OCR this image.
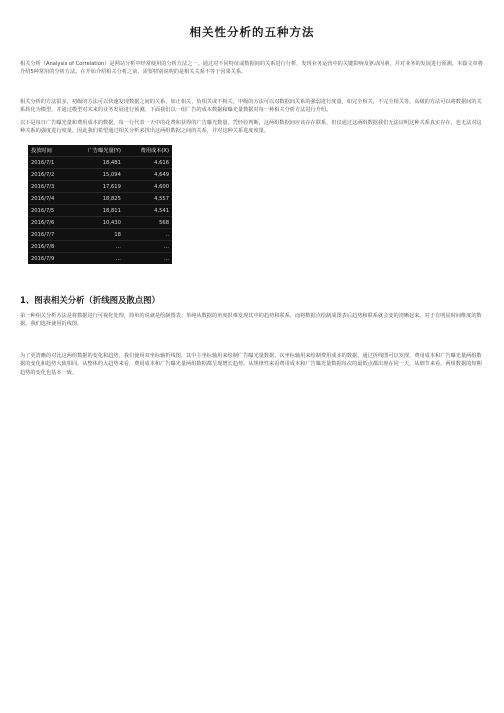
相关性分析的五种方法

相关分析（Analysis of Correlation）是网站分析中经常使用的分析方法之一。通过对不同特征或数据间的关系进行分析，发现业务运营中的关键影响及驱动因素。并对业务的发展进行预测。本篇文章将介绍5种常用的分析方法。在开始介绍相关分析之前，需要特别说明的是相关关系不等于因果关系。

相关分析的方法很多，初级的方法可以快速发现数据之间的关系，如正相关，负相关或不相关。中级的方法可以对数据间关系的强弱进行度量，如完全相关，不完全相关等。高级的方法可以将数据间的关系转化为模型，并通过模型对未来的业务发展进行预测。下面我们以一组广告的成本数据和曝光量数据对每一种相关分析方法进行介绍。

以下是每日广告曝光量和费用成本的数据，每一行代表一天中的花费和获得的广告曝光数量。凭经验判断，这两组数据间应该存在联系，但仅通过这两组数据我们无法证明这种关系真实存在，也无法对这种关系的强度进行度量。因此我们希望通过相关分析来找出这两组数据之间的关系，并对这种关系进度度量。

投放时间	广告曝光量(Y)	费用成本(X)
2016/7/1	18,481	4,616
2016/7/2	15,094	4,649
2016/7/3	17,619	4,600
2016/7/4	18,825	4,557
2016/7/5	18,811	4,541
2016/7/6	10,430	568
2016/7/7	18	..
2016/7/8	...	...
2016/7/9	...	...
1、图表相关分析（折线图及散点图）

第一种相关分析方法是将数据进行可视化处理，简单的说就是绘制图表。单纯从数据的角度很难发现其中的趋势和联系，而将数据点绘制成图表后趋势和联系就会变的清晰起来。对于有明显时间维度的数据，我们选择使用折线图。

为了更清晰的对比这两组数据的变化和趋势，我们使用双坐标轴折线图，其中主坐标轴用来绘制广告曝光量数据，次坐标轴用来绘制费用成本的数据。通过折线图可以发现，费用成本和广告曝光量两组数据的变化和趋势大致相同，从整体的大趋势来看，费用成本和广告曝光量两组数据都呈现增长趋势。从规律性来看费用成本和广告曝光量数据每次的最低点都出现在同一天。从细节来看，两组数据的短期趋势的变化也基本一致。
